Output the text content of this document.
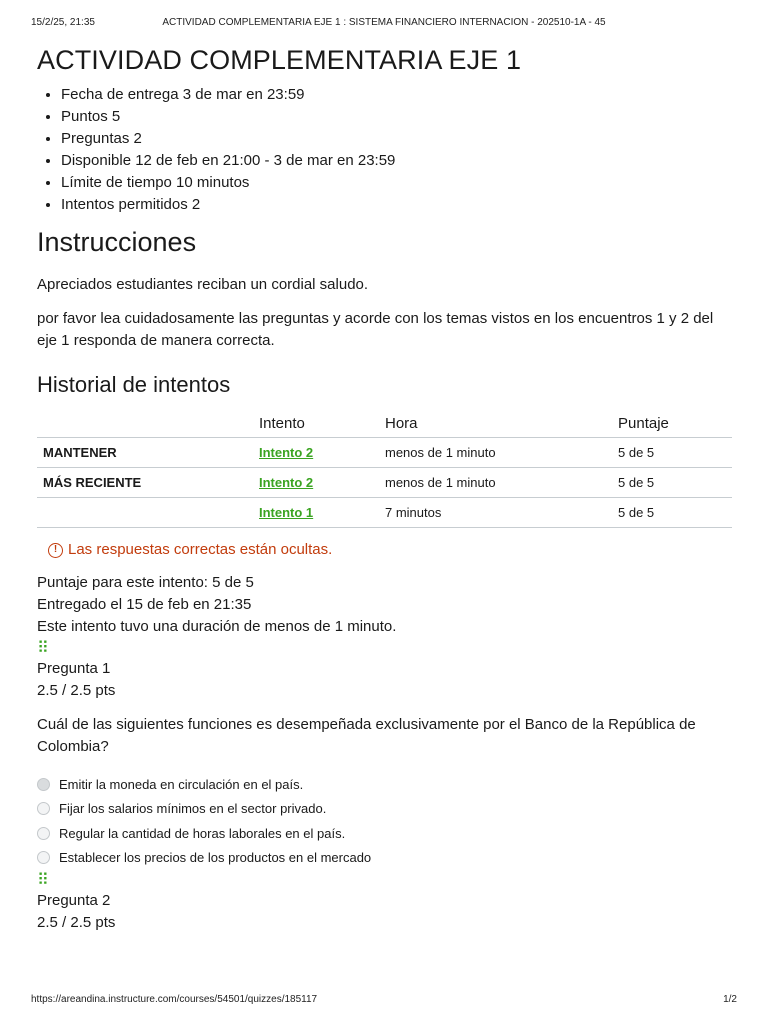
15/2/25, 21:35	ACTIVIDAD COMPLEMENTARIA EJE 1 : SISTEMA FINANCIERO INTERNACION - 202510-1A - 45
ACTIVIDAD COMPLEMENTARIA EJE 1
• Fecha de entrega 3 de mar en 23:59
• Puntos 5
• Preguntas 2
• Disponible 12 de feb en 21:00 - 3 de mar en 23:59
• Límite de tiempo 10 minutos
• Intentos permitidos 2
Instrucciones

Apreciados estudiantes reciban un cordial saludo.

por favor lea cuidadosamente las preguntas y acorde con los temas vistos en los encuentros 1 y 2 del eje 1 responda de manera correcta.

Historial de intentos
	Intento	Hora	Puntaje
MANTENER	Intento 2	menos de 1 minuto	5 de 5
MÁS RECIENTE	Intento 2	menos de 1 minuto	5 de 5
	Intento 1	7 minutos	5 de 5
! Las respuestas correctas están ocultas.
Puntaje para este intento: 5 de 5
Entregado el 15 de feb en 21:35
Este intento tuvo una duración de menos de 1 minuto.
⠿
Pregunta 1
2.5 / 2.5 pts
Cuál de las siguientes funciones es desempeñada exclusivamente por el Banco de la República de Colombia?
Emitir la moneda en circulación en el país.
Fijar los salarios mínimos en el sector privado.
Regular la cantidad de horas laborales en el país.
Establecer los precios de los productos en el mercado
⠿
Pregunta 2
2.5 / 2.5 pts
https://areandina.instructure.com/courses/54501/quizzes/185117	1/2
